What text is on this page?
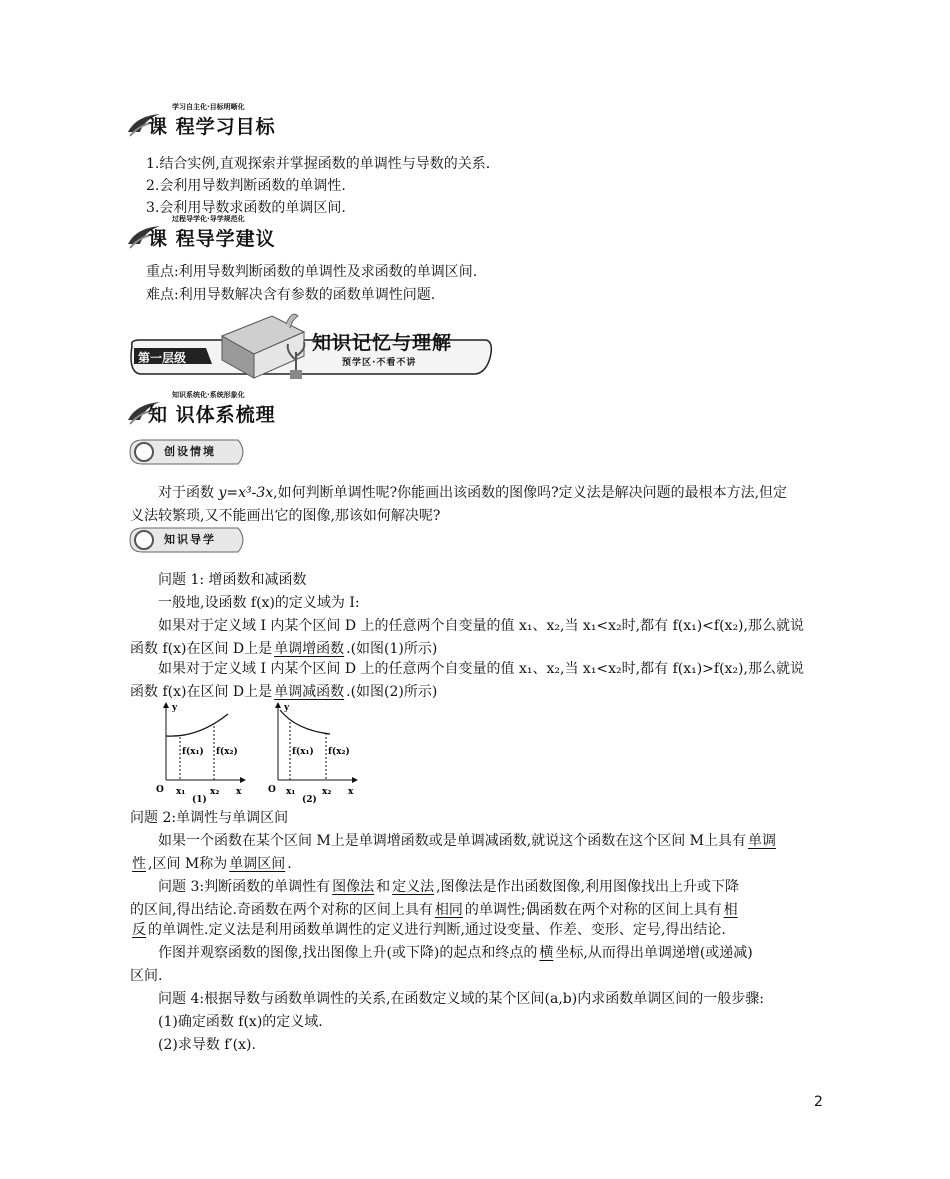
学习自主化·目标明晰化
课 程学习目标
1.结合实例,直观探索并掌握函数的单调性与导数的关系.
2.会利用导数判断函数的单调性.
3.会利用导数求函数的单调区间.
过程导学化·导学规范化
课 程导学建议
重点:利用导数判断函数的单调性及求函数的单调区间.
难点:利用导数解决含有参数的函数单调性问题.
第一层级
知识记忆与理解
预学区·不看不讲
知识系统化·系统形象化
知 识体系梳理
创设情境
对于函数 y=x³-3x,如何判断单调性呢?你能画出该函数的图像吗?定义法是解决问题的最根本方法,但定
义法较繁琐,又不能画出它的图像,那该如何解决呢?
知识导学
问题 1: 增函数和减函数
一般地,设函数 f(x)的定义域为 I:
如果对于定义域 I 内某个区间 D 上的任意两个自变量的值 x₁、x₂,当 x₁<x₂时,都有 f(x₁)<f(x₂),那么就说
函数 f(x)在区间 D上是 单调增函数 .(如图(1)所示)
如果对于定义域 I 内某个区间 D 上的任意两个自变量的值 x₁、x₂,当 x₁<x₂时,都有 f(x₁)>f(x₂),那么就说
函数 f(x)在区间 D上是 单调减函数 .(如图(2)所示)
y
x
O x₁	x₂
f(x₁) f(x₂)
(1)
y
x
O x₁	x₂
f(x₁) f(x₂)
(2)
问题 2:单调性与单调区间
如果一个函数在某个区间 M上是单调增函数或是单调减函数,就说这个函数在这个区间 M上具有 单调
性 ,区间 M称为 单调区间 .
问题 3:判断函数的单调性有 图像法 和 定义法 ,图像法是作出函数图像,利用图像找出上升或下降
的区间,得出结论.奇函数在两个对称的区间上具有 相同 的单调性;偶函数在两个对称的区间上具有 相
反 的单调性.定义法是利用函数单调性的定义进行判断,通过设变量、作差、变形、定号,得出结论.
作图并观察函数的图像,找出图像上升(或下降)的起点和终点的 横 坐标,从而得出单调递增(或递减)
区间.
问题 4:根据导数与函数单调性的关系,在函数定义域的某个区间(a,b)内求函数单调区间的一般步骤:
(1)确定函数 f(x)的定义域.
(2)求导数 f′(x).
2
